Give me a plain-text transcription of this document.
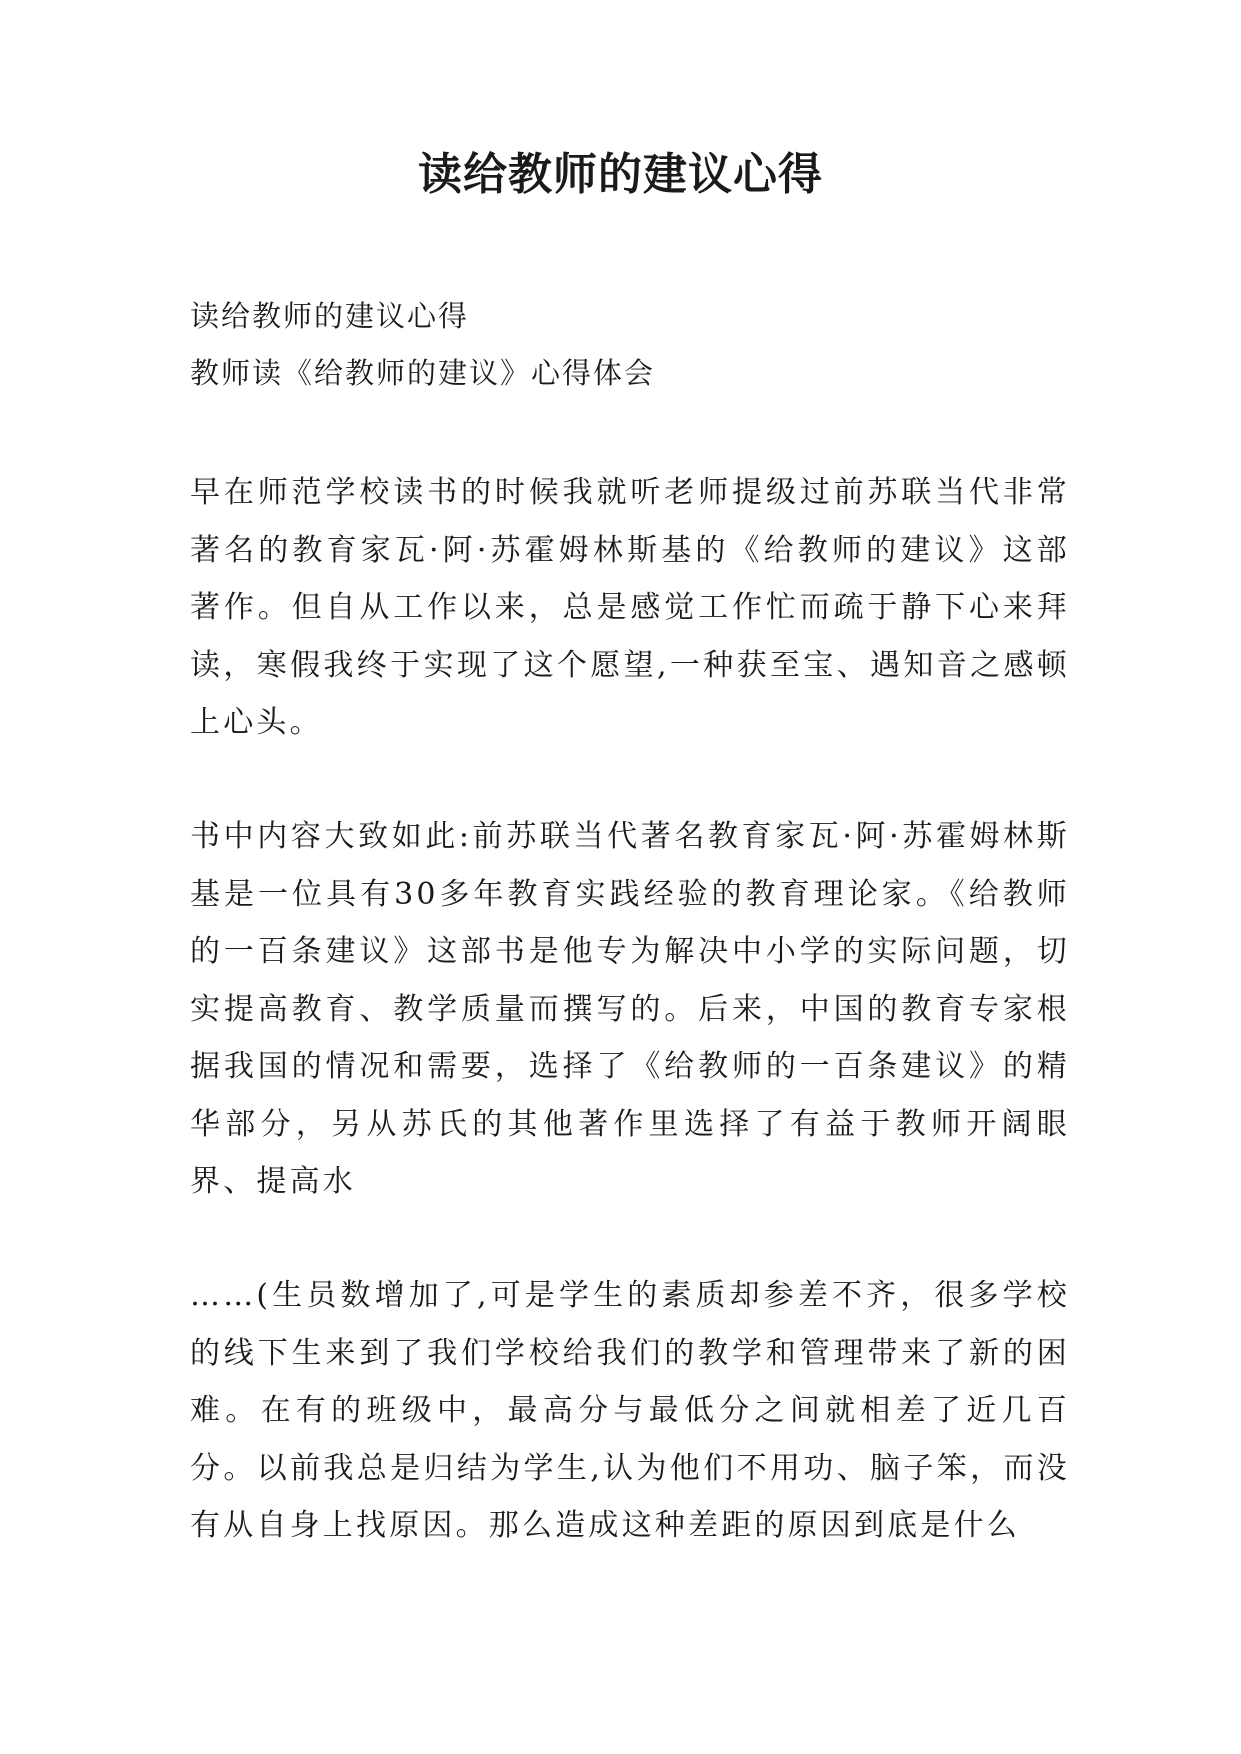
读给教师的建议心得

读给教师的建议心得

教师读《给教师的建议》心得体会

早在师范学校读书的时候我就听老师提级过前苏联当代非常著名的教育家瓦·阿·苏霍姆林斯基的《给教师的建议》这部著作。但自从工作以来，总是感觉工作忙而疏于静下心来拜读，寒假我终于实现了这个愿望,一种获至宝、遇知音之感顿上心头。

书中内容大致如此:前苏联当代著名教育家瓦·阿·苏霍姆林斯基是一位具有30多年教育实践经验的教育理论家。《给教师的一百条建议》这部书是他专为解决中小学的实际问题，切实提高教育、教学质量而撰写的。后来，中国的教育专家根据我国的情况和需要，选择了《给教师的一百条建议》的精华部分，另从苏氏的其他著作里选择了有益于教师开阔眼界、提高水

……(生员数增加了,可是学生的素质却参差不齐，很多学校的线下生来到了我们学校给我们的教学和管理带来了新的困难。在有的班级中，最高分与最低分之间就相差了近几百分。以前我总是归结为学生,认为他们不用功、脑子笨，而没有从自身上找原因。那么造成这种差距的原因到底是什么
